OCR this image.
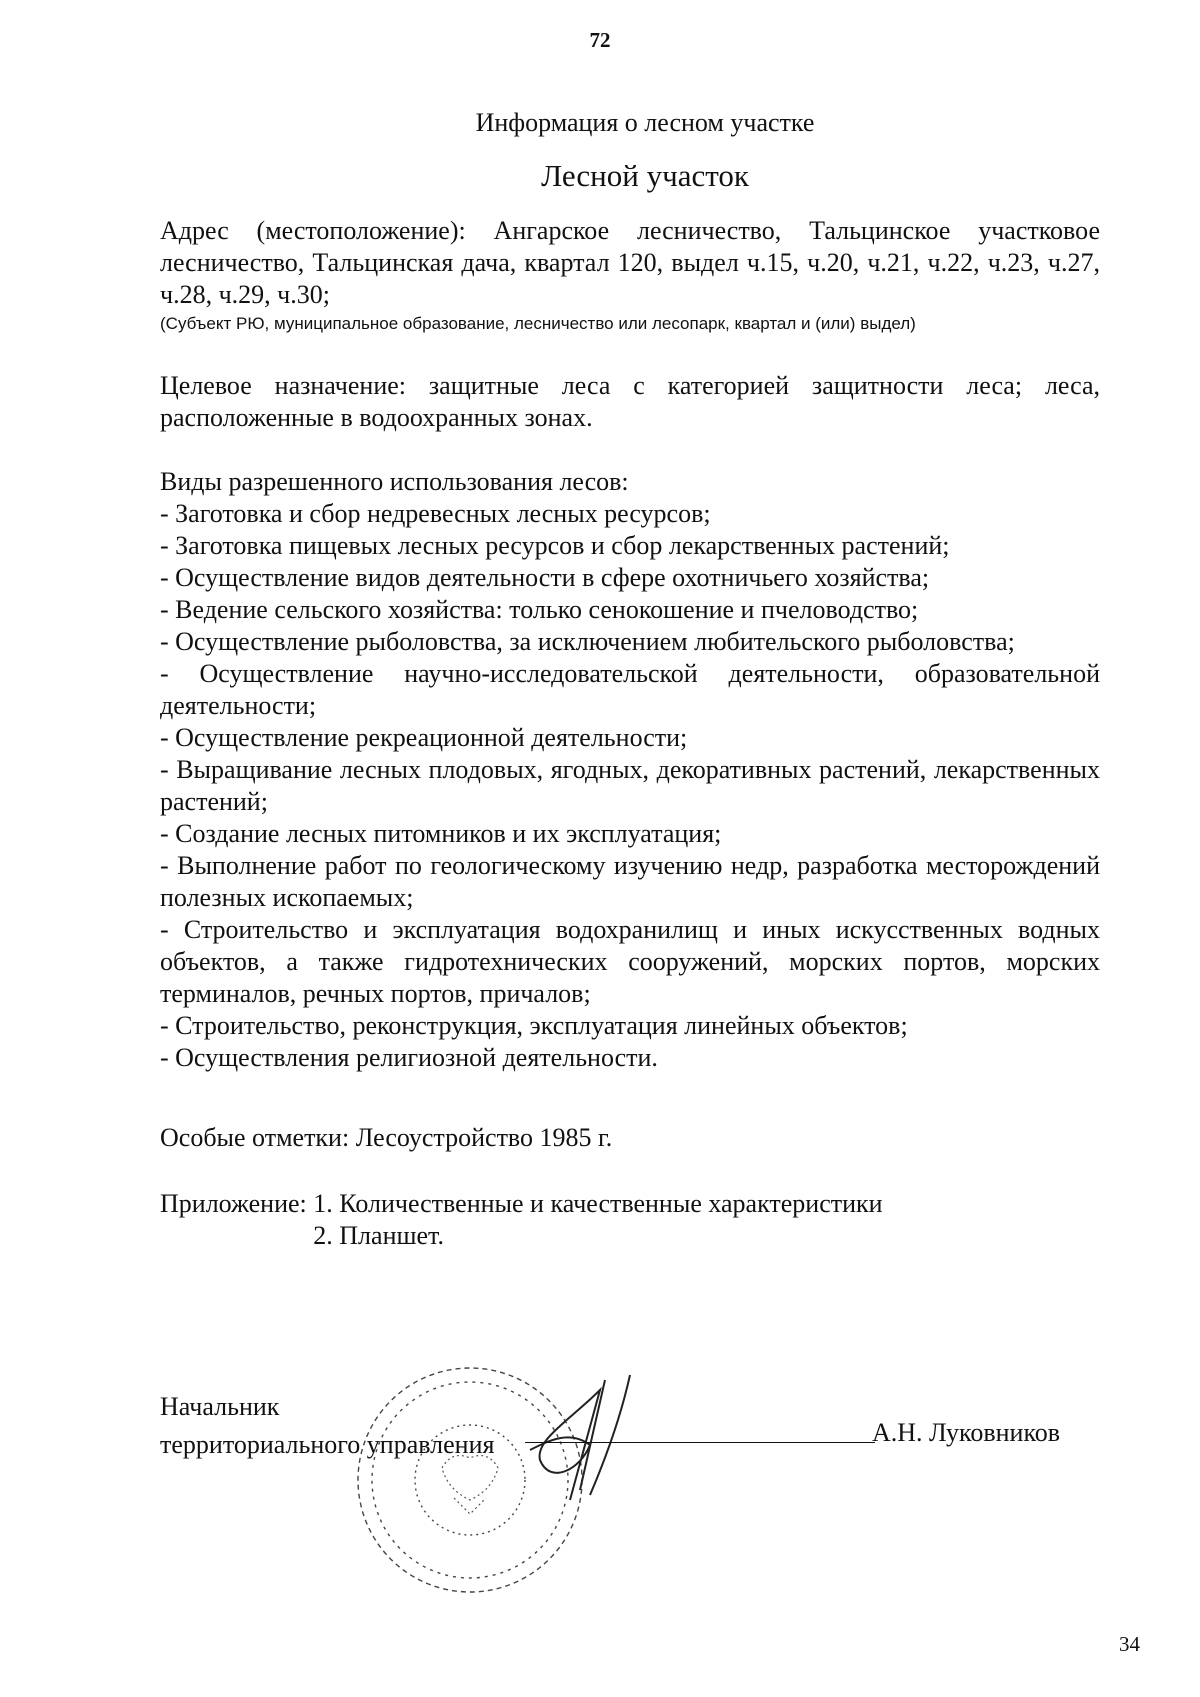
72
Информация о лесном участке
Лесной участок
Адрес (местоположение): Ангарское лесничество, Тальцинское участковое лесничество, Тальцинская дача, квартал 120, выдел ч.15, ч.20, ч.21, ч.22, ч.23, ч.27, ч.28, ч.29, ч.30;
(Субъект РЮ, муниципальное образование, лесничество или лесопарк, квартал и (или) выдел)
Целевое назначение: защитные леса с категорией защитности леса; леса, расположенные в водоохранных зонах.
Виды разрешенного использования лесов:
- Заготовка и сбор недревесных лесных ресурсов;
- Заготовка пищевых лесных ресурсов и сбор лекарственных растений;
- Осуществление видов деятельности в сфере охотничьего хозяйства;
- Ведение сельского хозяйства: только сенокошение и пчеловодство;
- Осуществление рыболовства, за исключением любительского рыболовства;
- Осуществление научно-исследовательской деятельности, образовательной деятельности;
- Осуществление рекреационной деятельности;
- Выращивание лесных плодовых, ягодных, декоративных растений, лекарственных растений;
- Создание лесных питомников и их эксплуатация;
- Выполнение работ по геологическому изучению недр, разработка месторождений полезных ископаемых;
- Строительство и эксплуатация водохранилищ и иных искусственных водных объектов, а также гидротехнических сооружений, морских портов, морских терминалов, речных портов, причалов;
- Строительство, реконструкция, эксплуатация линейных объектов;
- Осуществления религиозной деятельности.
Особые отметки: Лесоустройство 1985 г.
Приложение: 1. Количественные и качественные характеристики
2. Планшет.
Начальник
территориального управления	А.Н. Луковников
34
